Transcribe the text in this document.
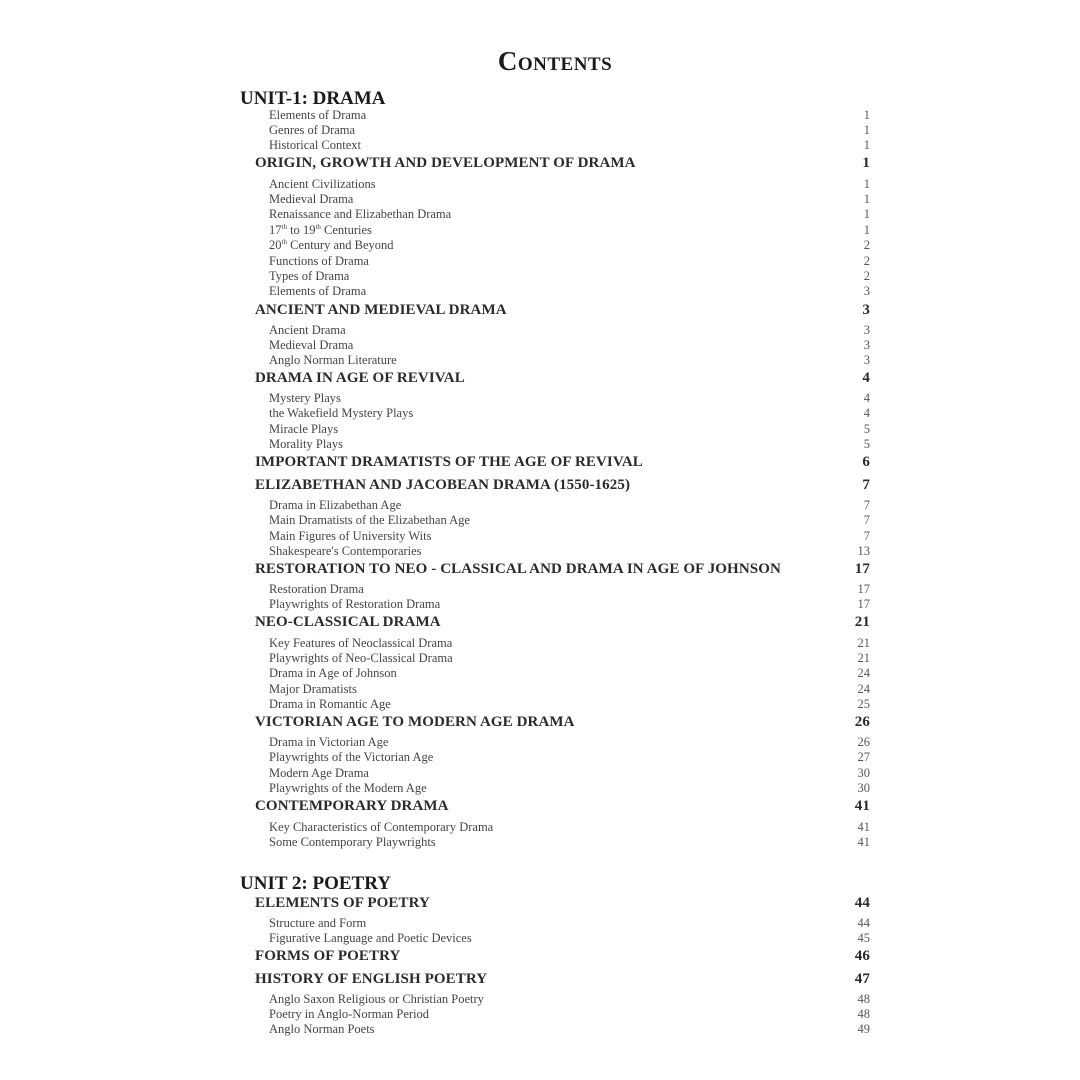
Contents
UNIT-1: DRAMA
Elements of Drama	1
Genres of Drama	1
Historical Context	1
ORIGIN, GROWTH AND DEVELOPMENT OF DRAMA	1
Ancient Civilizations	1
Medieval Drama	1
Renaissance and Elizabethan Drama	1
17th to 19th Centuries	1
20th Century and Beyond	2
Functions of Drama	2
Types of Drama	2
Elements of Drama	3
ANCIENT AND MEDIEVAL DRAMA	3
Ancient Drama	3
Medieval Drama	3
Anglo Norman Literature	3
DRAMA IN AGE OF REVIVAL	4
Mystery Plays	4
the Wakefield Mystery Plays	4
Miracle Plays	5
Morality Plays	5
IMPORTANT DRAMATISTS OF THE AGE OF REVIVAL	6
ELIZABETHAN AND JACOBEAN DRAMA (1550-1625)	7
Drama in Elizabethan Age	7
Main Dramatists of the Elizabethan Age	7
Main Figures of University Wits	7
Shakespeare's Contemporaries	13
RESTORATION TO NEO - CLASSICAL AND DRAMA IN AGE OF JOHNSON	17
Restoration Drama	17
Playwrights of Restoration Drama	17
NEO-CLASSICAL DRAMA	21
Key Features of Neoclassical Drama	21
Playwrights of Neo-Classical Drama	21
Drama in Age of Johnson	24
Major Dramatists	24
Drama in Romantic Age	25
VICTORIAN AGE TO MODERN AGE DRAMA	26
Drama in Victorian Age	26
Playwrights of the Victorian Age	27
Modern Age Drama	30
Playwrights of the Modern Age	30
CONTEMPORARY DRAMA	41
Key Characteristics of Contemporary Drama	41
Some Contemporary Playwrights	41
UNIT 2: POETRY
ELEMENTS OF POETRY	44
Structure and Form	44
Figurative Language and Poetic Devices	45
FORMS OF POETRY	46
HISTORY OF ENGLISH POETRY	47
Anglo Saxon Religious or Christian Poetry	48
Poetry in Anglo-Norman Period	48
Anglo Norman Poets	49
